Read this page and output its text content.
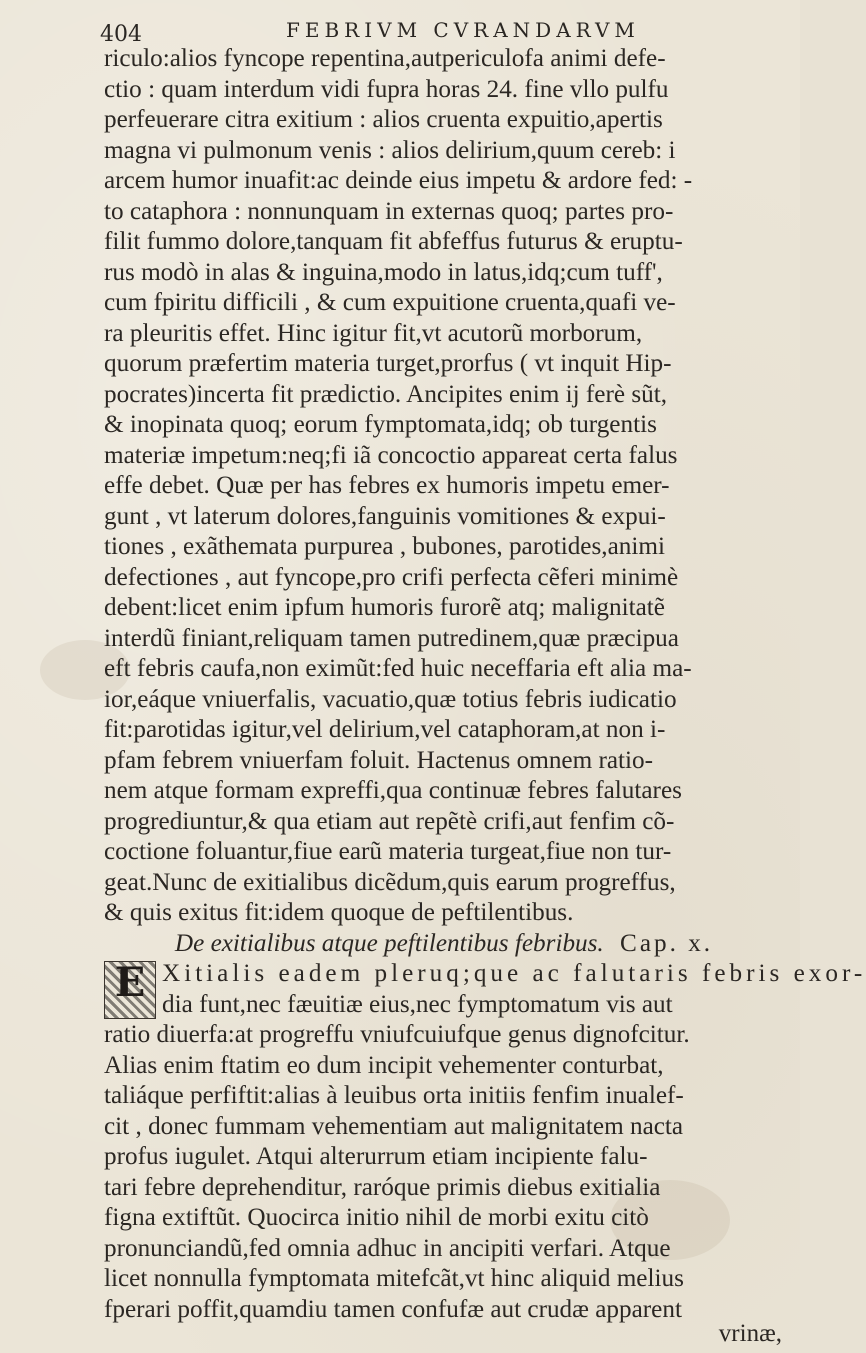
404	FEBRIVM CVRANDARVM
riculo:alios fyncope repentina,autpericulofa animi defe-
ctio : quam interdum vidi fupra horas 24. fine vllo pulfu
perfeuerare citra exitium : alios cruenta expuitio,apertis
magna vi pulmonum venis : alios delirium,quum cereb: i
arcem humor inuafit:ac deinde eius impetu & ardore fed: -
to cataphora : nonnunquam in externas quoq; partes pro-
filit fummo dolore,tanquam fit abfeffus futurus & eruptu-
rus modò in alas & inguina,modo in latus,idq;cum tuff',
cum fpiritu difficili , & cum expuitione cruenta,quafi ve-
ra pleuritis effet. Hinc igitur fit,vt acutorũ morborum,
quorum præfertim materia turget,prorfus ( vt inquit Hip-
pocrates)incerta fit prædictio. Ancipites enim ij ferè sũt,
& inopinata quoq; eorum fymptomata,idq; ob turgentis
materiæ impetum:neq;fi iã concoctio appareat certa falus
effe debet. Quæ per has febres ex humoris impetu emer-
gunt , vt laterum dolores,fanguinis vomitiones & expui-
tiones , exãthemata purpurea , bubones, parotides,animi
defectiones , aut fyncope,pro crifi perfecta cẽferi minimè
debent:licet enim ipfum humoris furorẽ atq; malignitatẽ
interdũ finiant,reliquam tamen putredinem,quæ præcipua
eft febris caufa,non eximũt:fed huic neceffaria eft alia ma-
ior,eáque vniuerfalis, vacuatio,quæ totius febris iudicatio
fit:parotidas igitur,vel delirium,vel cataphoram,at non i-
pfam febrem vniuerfam foluit. Hactenus omnem ratio-
nem atque formam expreffi,qua continuæ febres falutares
progrediuntur,& qua etiam aut repẽtè crifi,aut fenfim cõ-
coctione foluantur,fiue earũ materia turgeat,fiue non tur-
geat.Nunc de exitialibus dicẽdum,quis earum progreffus,
& quis exitus fit:idem quoque de peftilentibus.
De exitialibus atque peftilentibus febribus. Cap. x.
E Xitialis eadem pleruq;que ac falutaris febris exor-
dia funt,nec fæuitiæ eius,nec fymptomatum vis aut
ratio diuerfa:at progreffu vniufcuiufque genus dignofcitur.
Alias enim ftatim eo dum incipit vehementer conturbat,
taliáque perfiftit:alias à leuibus orta initiis fenfim inualef-
cit , donec fummam vehementiam aut malignitatem nacta
profus iugulet. Atqui alterurrum etiam incipiente falu-
tari febre deprehenditur, raróque primis diebus exitialia
figna extiftũt. Quocirca initio nihil de morbi exitu citò
pronunciandũ,fed omnia adhuc in ancipiti verfari. Atque
licet nonnulla fymptomata mitefcãt,vt hinc aliquid melius
fperari poffit,quamdiu tamen confufæ aut crudæ apparent
vrinæ,
